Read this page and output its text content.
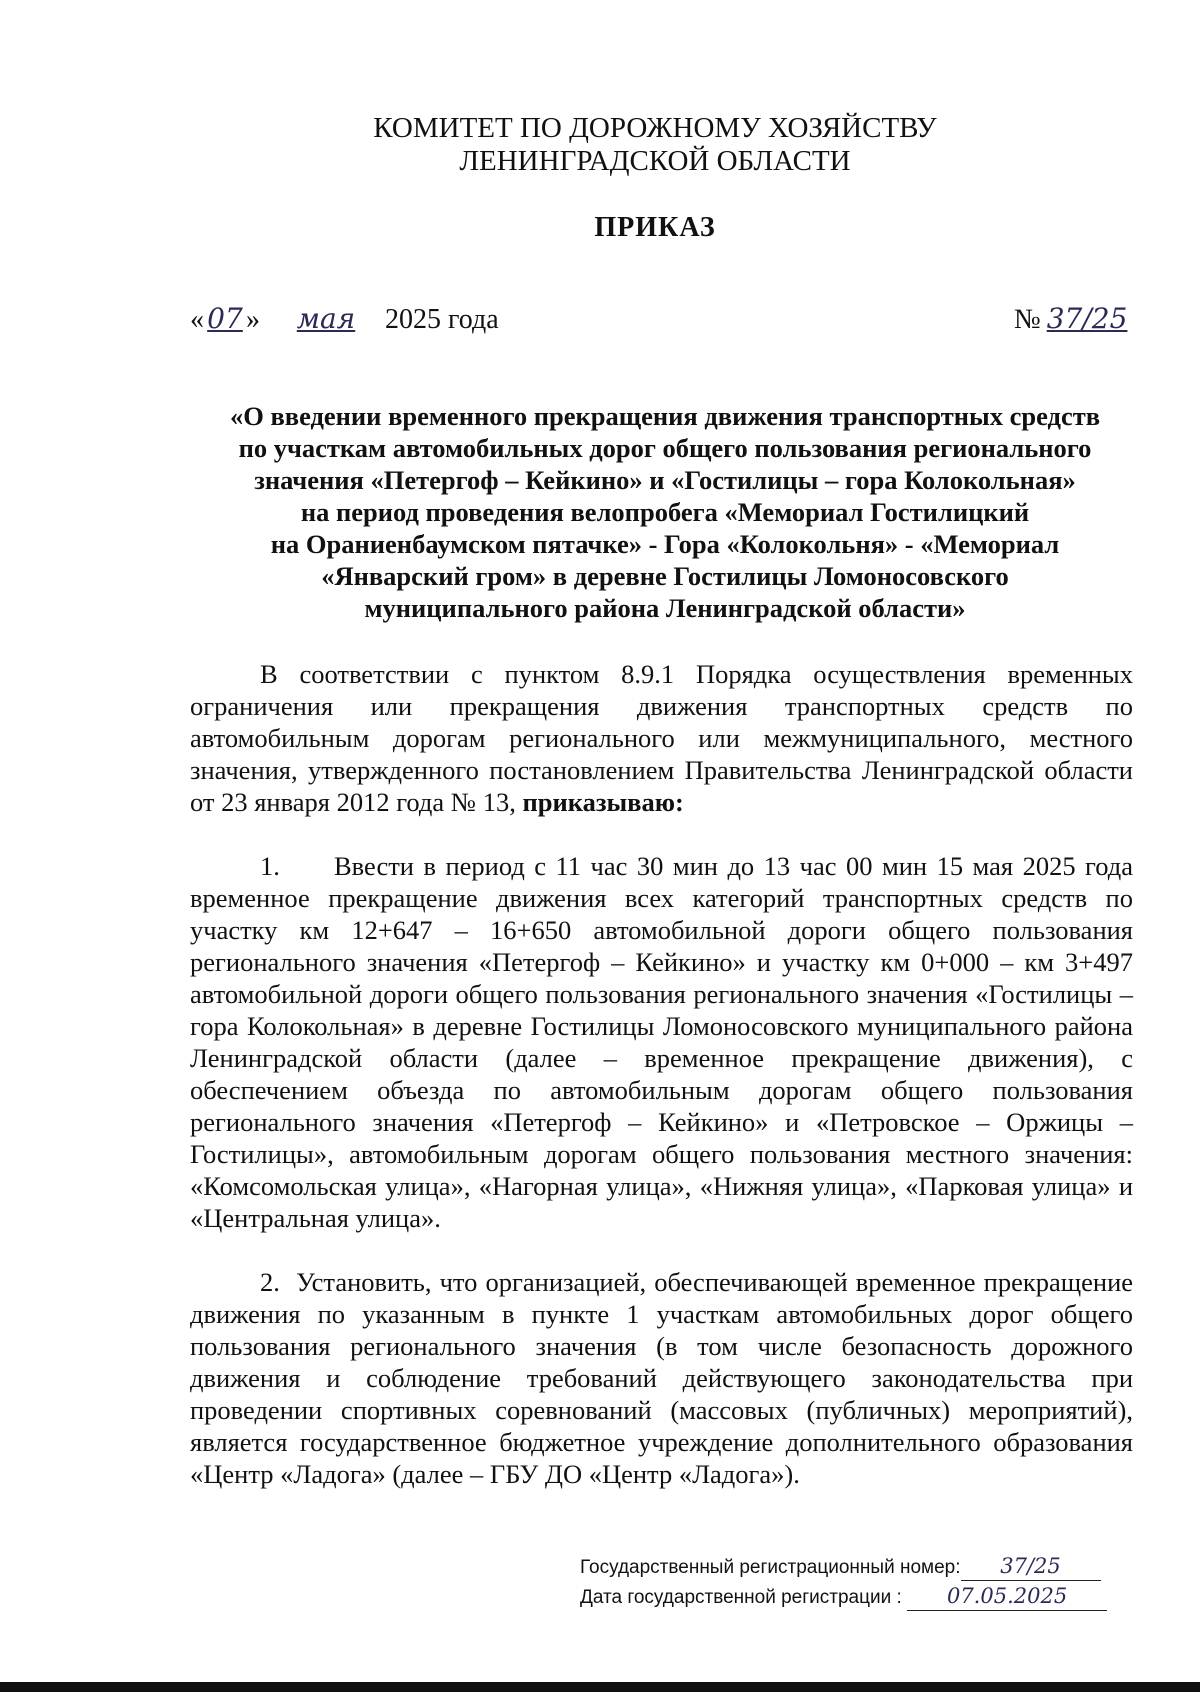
КОМИТЕТ ПО ДОРОЖНОМУ ХОЗЯЙСТВУ
ЛЕНИНГРАДСКОЙ ОБЛАСТИ
ПРИКАЗ
« 07 » мая 2025 года	№ 37/25
«О введении временного прекращения движения транспортных средств
по участкам автомобильных дорог общего пользования регионального
значения «Петергоф – Кейкино» и «Гостилицы – гора Колокольная»
на период проведения велопробега «Мемориал Гостилицкий
на Ораниенбаумском пятачке» - Гора «Колокольня» - «Мемориал
«Январский гром» в деревне Гостилицы Ломоносовского
муниципального района Ленинградской области»
В соответствии с пунктом 8.9.1 Порядка осуществления временных ограничения или прекращения движения транспортных средств по автомобильным дорогам регионального или межмуниципального, местного значения, утвержденного постановлением Правительства Ленинградской области от 23 января 2012 года № 13, приказываю:
1. Ввести в период с 11 час 30 мин до 13 час 00 мин 15 мая 2025 года временное прекращение движения всех категорий транспортных средств по участку км 12+647 – 16+650 автомобильной дороги общего пользования регионального значения «Петергоф – Кейкино» и участку км 0+000 – км 3+497 автомобильной дороги общего пользования регионального значения «Гостилицы – гора Колокольная» в деревне Гостилицы Ломоносовского муниципального района Ленинградской области (далее – временное прекращение движения), с обеспечением объезда по автомобильным дорогам общего пользования регионального значения «Петергоф – Кейкино» и «Петровское – Оржицы – Гостилицы», автомобильным дорогам общего пользования местного значения: «Комсомольская улица», «Нагорная улица», «Нижняя улица», «Парковая улица» и «Центральная улица».
2. Установить, что организацией, обеспечивающей временное прекращение движения по указанным в пункте 1 участкам автомобильных дорог общего пользования регионального значения (в том числе безопасность дорожного движения и соблюдение требований действующего законодательства при проведении спортивных соревнований (массовых (публичных) мероприятий), является государственное бюджетное учреждение дополнительного образования «Центр «Ладога» (далее – ГБУ ДО «Центр «Ладога»).
Государственный регистрационный номер: 37/25
Дата государственной регистрации : 07.05.2025
